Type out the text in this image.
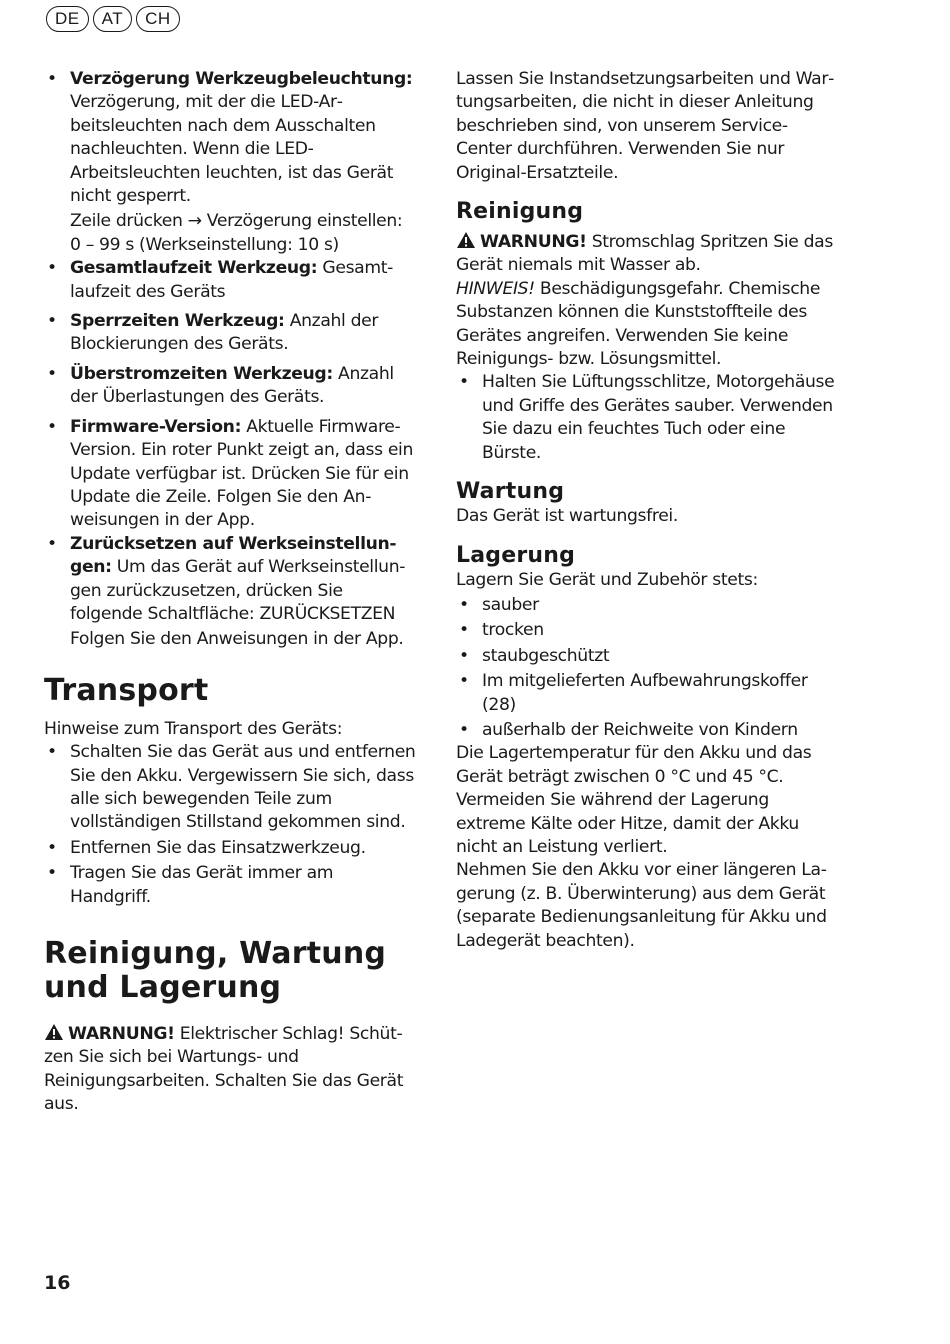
DE	AT	CH
• Verzögerung Werkzeugbeleuchtung: Verzögerung, mit der die LED-Arbeitsleuchten nach dem Ausschalten nachleuchten. Wenn die LED-Arbeitsleuchten leuchten, ist das Gerät nicht gesperrt.
Zeile drücken → Verzögerung einstellen: 0 – 99 s (Werkseinstellung: 10 s)
• Gesamtlaufzeit Werkzeug: Gesamtlaufzeit des Geräts
• Sperrzeiten Werkzeug: Anzahl der Blockierungen des Geräts.
• Überstromzeiten Werkzeug: Anzahl der Überlastungen des Geräts.
• Firmware-Version: Aktuelle Firmware-Version. Ein roter Punkt zeigt an, dass ein Update verfügbar ist. Drücken Sie für ein Update die Zeile. Folgen Sie den Anweisungen in der App.
• Zurücksetzen auf Werkseinstellungen: Um das Gerät auf Werkseinstellungen zurückzusetzen, drücken Sie folgende Schaltfläche: ZURÜCKSETZEN
Folgen Sie den Anweisungen in der App.
Transport

Hinweise zum Transport des Geräts:

• Schalten Sie das Gerät aus und entfernen Sie den Akku. Vergewissern Sie sich, dass alle sich bewegenden Teile zum vollständigen Stillstand gekommen sind.
• Entfernen Sie das Einsatzwerkzeug.
• Tragen Sie das Gerät immer am Handgriff.
Reinigung, Wartung
und Lagerung

WARNUNG! Elektrischer Schlag! Schützen Sie sich bei Wartungs- und Reinigungsarbeiten. Schalten Sie das Gerät aus.

Lassen Sie Instandsetzungsarbeiten und Wartungsarbeiten, die nicht in dieser Anleitung beschrieben sind, von unserem Service-Center durchführen. Verwenden Sie nur Original-Ersatzteile.

Reinigung

WARNUNG! Stromschlag Spritzen Sie das Gerät niemals mit Wasser ab.

HINWEIS! Beschädigungsgefahr. Chemische Substanzen können die Kunststoffteile des Gerätes angreifen. Verwenden Sie keine Reinigungs- bzw. Lösungsmittel.

• Halten Sie Lüftungsschlitze, Motorgehäuse und Griffe des Gerätes sauber. Verwenden Sie dazu ein feuchtes Tuch oder eine Bürste.
Wartung

Das Gerät ist wartungsfrei.

Lagerung

Lagern Sie Gerät und Zubehör stets:

• sauber
• trocken
• staubgeschützt
• Im mitgelieferten Aufbewahrungskoffer (28)
• außerhalb der Reichweite von Kindern

Die Lagertemperatur für den Akku und das Gerät beträgt zwischen 0 °C und 45 °C. Vermeiden Sie während der Lagerung extreme Kälte oder Hitze, damit der Akku nicht an Leistung verliert.

Nehmen Sie den Akku vor einer längeren Lagerung (z. B. Überwinterung) aus dem Gerät (separate Bedienungsanleitung für Akku und Ladegerät beachten).

16
